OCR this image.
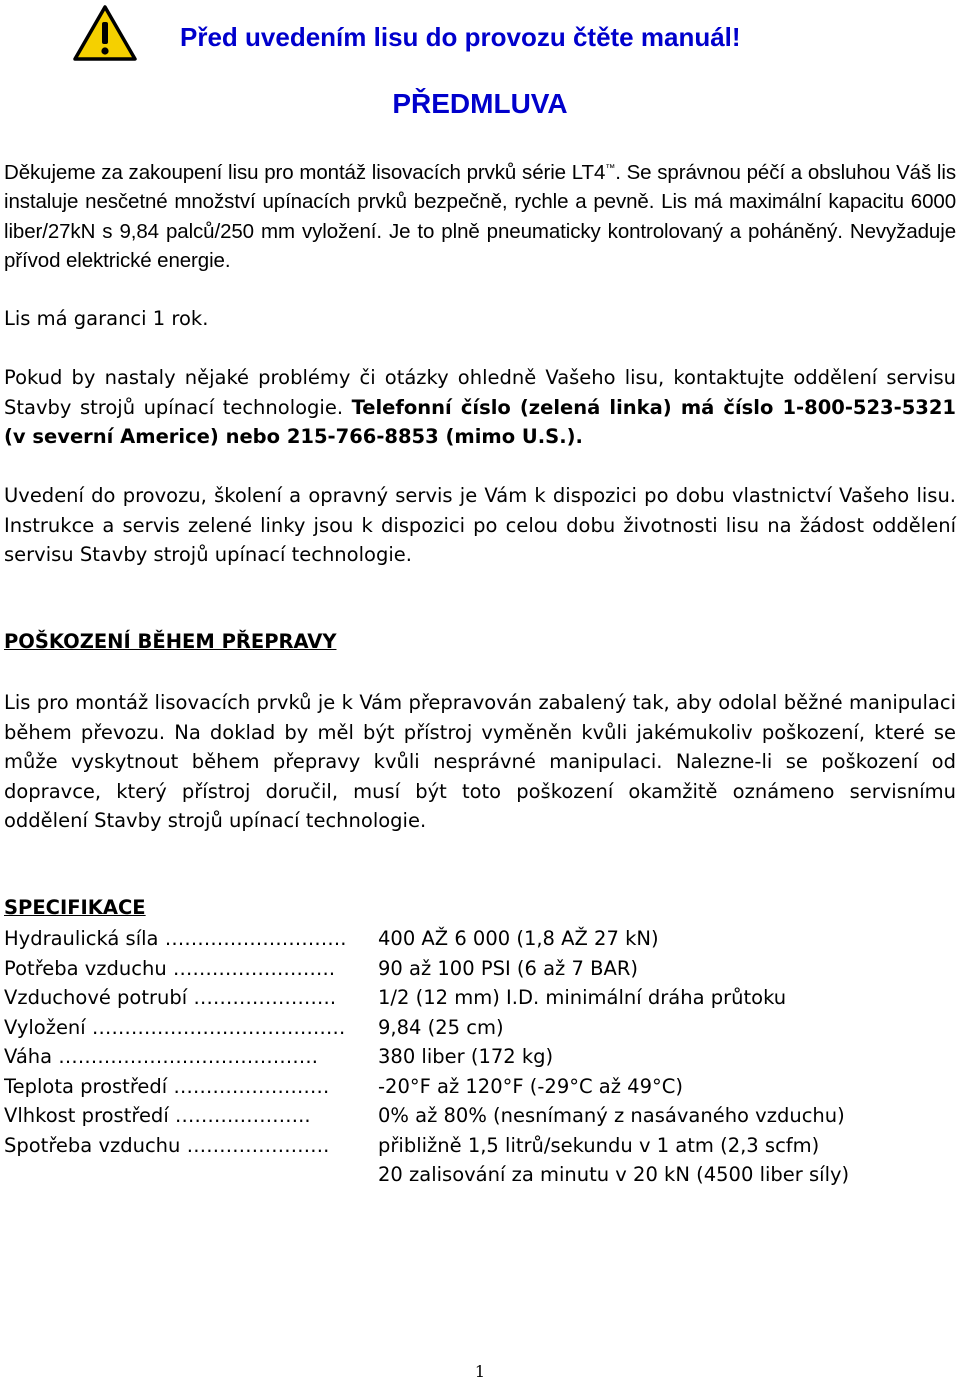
Před uvedením lisu do provozu čtěte manuál!
PŘEDMLUVA

Děkujeme za zakoupení lisu pro montáž lisovacích prvků série LT4™. Se správnou péčí a obsluhou Váš lis instaluje nesčetné množství upínacích prvků bezpečně, rychle a pevně. Lis má maximální kapacitu 6000 liber/27kN s 9,84 palců/250 mm vyložení. Je to plně pneumaticky kontrolovaný a poháněný. Nevyžaduje přívod elektrické energie.

Lis má garanci 1 rok.

Pokud by nastaly nějaké problémy či otázky ohledně Vašeho lisu, kontaktujte oddělení servisu Stavby strojů upínací technologie. Telefonní číslo (zelená linka) má číslo 1-800-523-5321 (v severní Americe) nebo 215-766-8853 (mimo U.S.).

Uvedení do provozu, školení a opravný servis je Vám k dispozici po dobu vlastnictví Vašeho lisu. Instrukce a servis zelené linky jsou k dispozici po celou dobu životnosti lisu na žádost oddělení servisu Stavby strojů upínací technologie.

POŠKOZENÍ BĚHEM PŘEPRAVY

Lis pro montáž lisovacích prvků je k Vám přepravován zabalený tak, aby odolal běžné manipulaci během převozu. Na doklad by měl být přístroj vyměněn kvůli jakémukoliv poškození, které se může vyskytnout během přepravy kvůli nesprávné manipulaci. Nalezne-li se poškození od dopravce, který přístroj doručil, musí být toto poškození okamžitě oznámeno servisnímu oddělení Stavby strojů upínací technologie.

SPECIFIKACE
Hydraulická síla ……………………….	400 AŽ 6 000 (1,8 AŽ 27 kN)
Potřeba vzduchu …………………….	90 až 100 PSI (6 až 7 BAR)
Vzduchové potrubí ………………….	1/2 (12 mm) I.D. minimální dráha průtoku
Vyložení …………………………………	9,84 (25 cm)
Váha ………………………………….	380 liber (172 kg)
Teplota prostředí ……………………	-20°F až 120°F (-29°C až 49°C)
Vlhkost prostředí ……….………..	0% až 80% (nesnímaný z nasávaného vzduchu)
Spotřeba vzduchu ………………….	přibližně 1,5 litrů/sekundu v 1 atm (2,3 scfm)
20 zalisování za minutu v 20 kN (4500 liber síly)
1
